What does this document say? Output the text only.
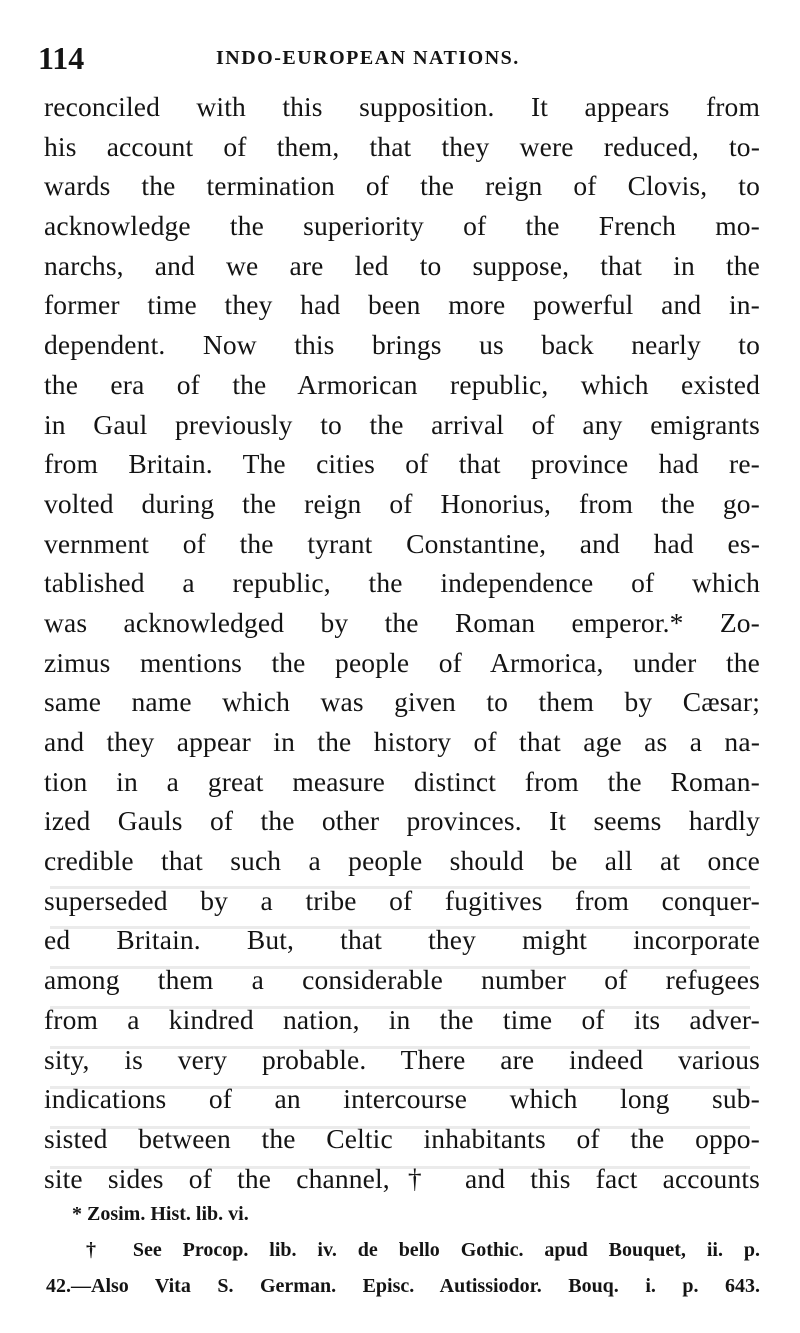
114	INDO-EUROPEAN NATIONS.
reconciled with this supposition. It appears from
his account of them, that they were reduced, to-
wards the termination of the reign of Clovis, to
acknowledge the superiority of the French mo-
narchs, and we are led to suppose, that in the
former time they had been more powerful and in-
dependent. Now this brings us back nearly to
the era of the Armorican republic, which existed
in Gaul previously to the arrival of any emigrants
from Britain. The cities of that province had re-
volted during the reign of Honorius, from the go-
vernment of the tyrant Constantine, and had es-
tablished a republic, the independence of which
was acknowledged by the Roman emperor.* Zo-
zimus mentions the people of Armorica, under the
same name which was given to them by Cæsar;
and they appear in the history of that age as a na-
tion in a great measure distinct from the Roman-
ized Gauls of the other provinces. It seems hardly
credible that such a people should be all at once
superseded by a tribe of fugitives from conquer-
ed Britain. But, that they might incorporate
among them a considerable number of refugees
from a kindred nation, in the time of its adver-
sity, is very probable. There are indeed various
indications of an intercourse which long sub-
sisted between the Celtic inhabitants of the oppo-
site sides of the channel,† and this fact accounts
* Zosim. Hist. lib. vi.
† See Procop. lib. iv. de bello Gothic. apud Bouquet, ii. p.
42.—Also Vita S. German. Episc. Autissiodor. Bouq. i. p. 643.
